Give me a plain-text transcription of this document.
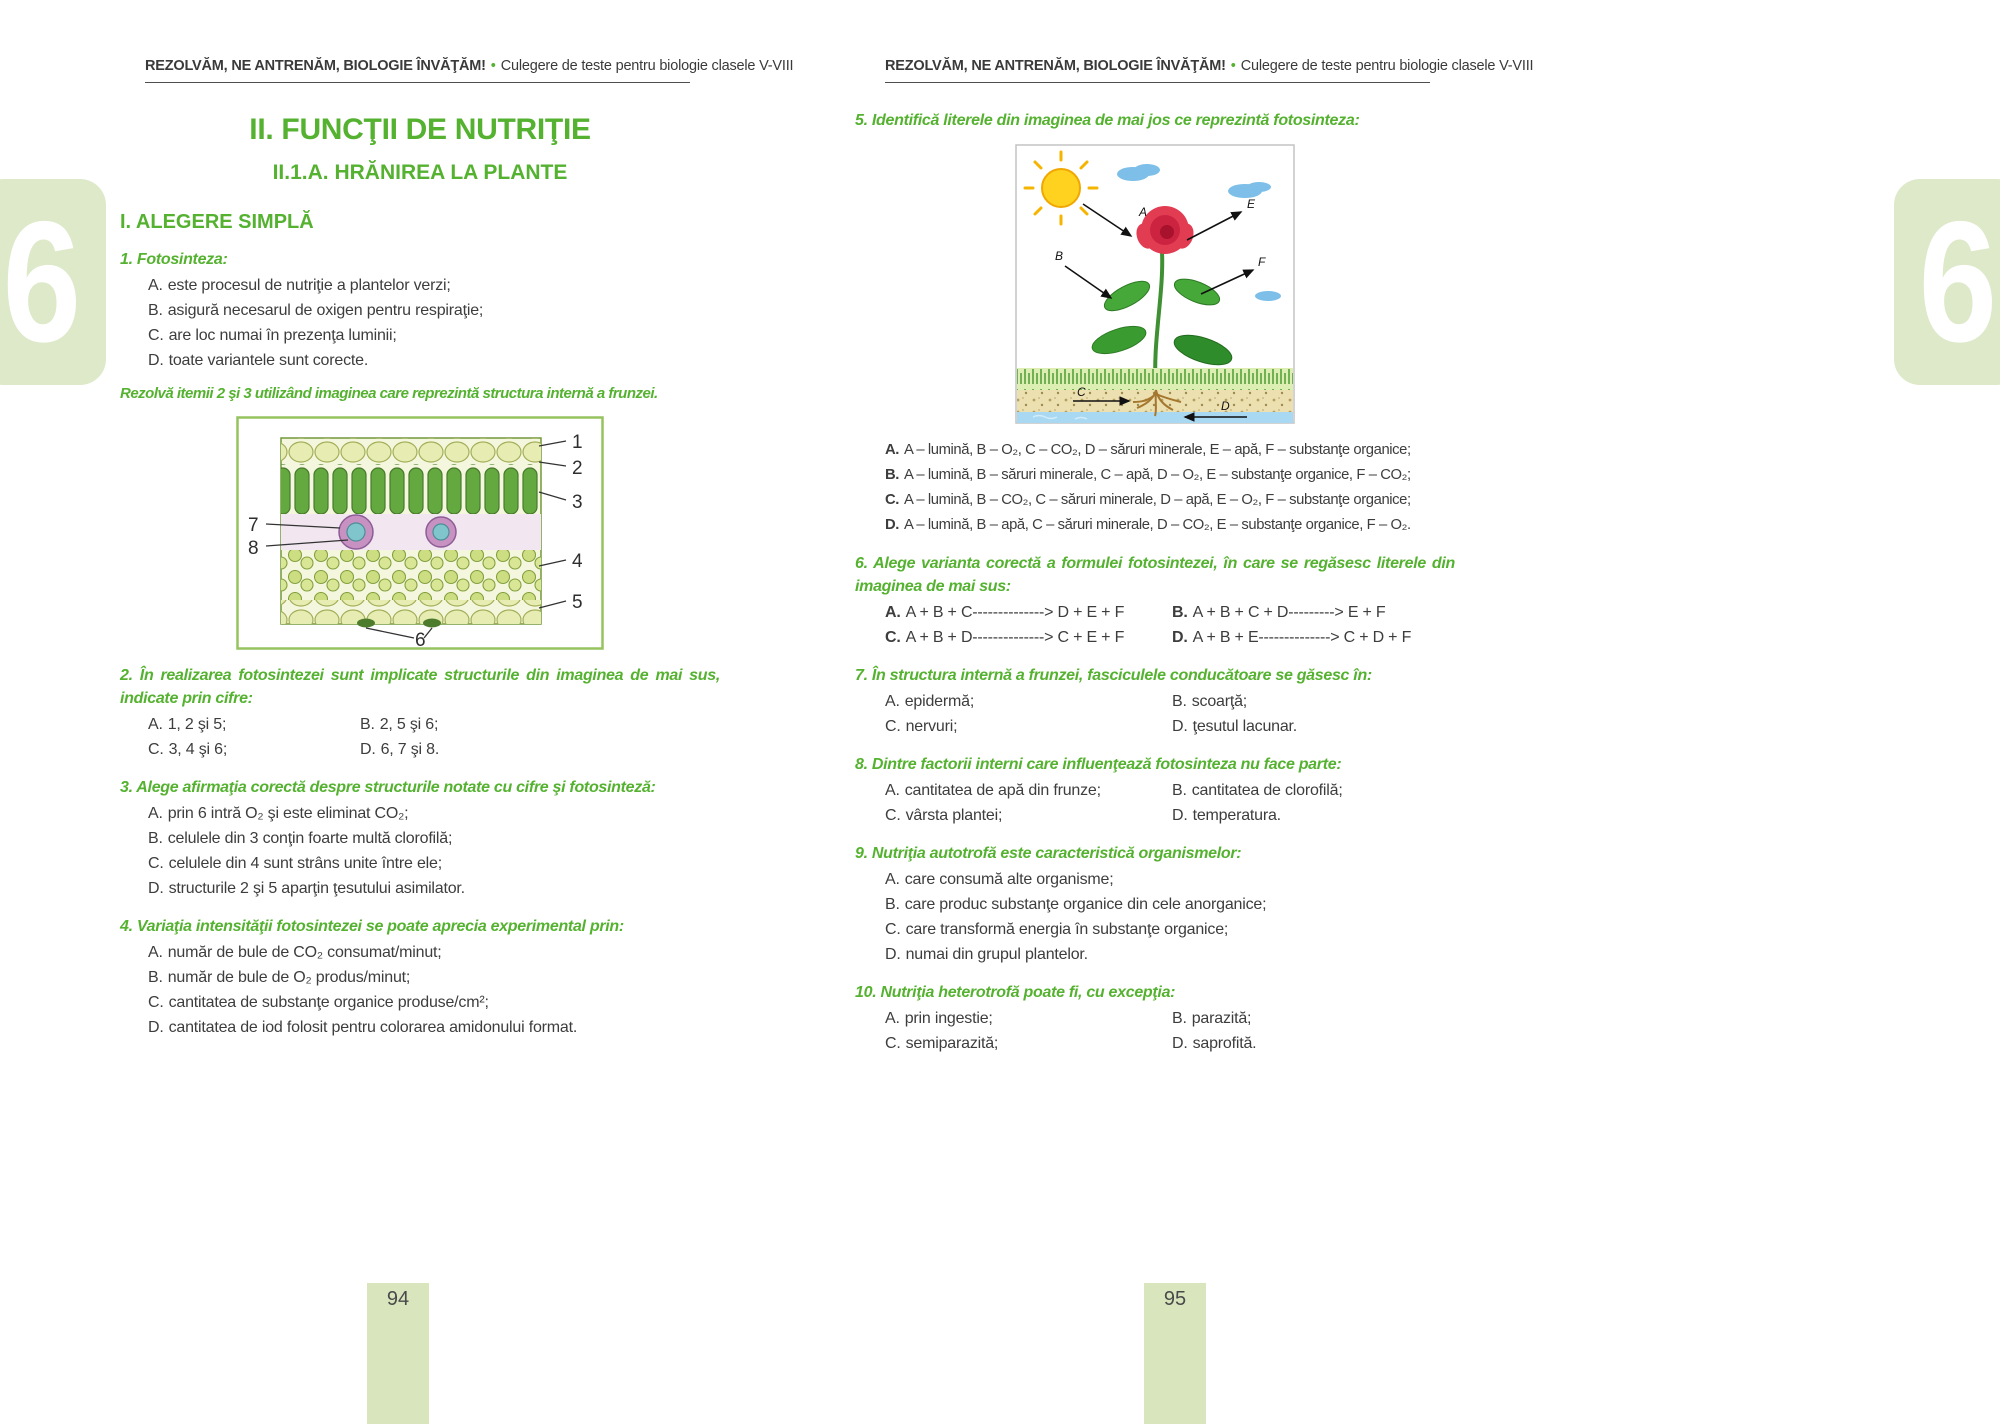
6	6
REZOLVĂM, NE ANTRENĂM, BIOLOGIE ÎNVĂŢĂM! • Culegere de teste pentru biologie clasele V-VIII
II. FUNCŢII DE NUTRIŢIE
II.1.A. HRĂNIREA LA PLANTE
I. ALEGERE SIMPLĂ
1. Fotosinteza:
A. este procesul de nutriţie a plantelor verzi;
B. asigură necesarul de oxigen pentru respiraţie;
C. are loc numai în prezenţa luminii;
D. toate variantele sunt corecte.
Rezolvă itemii 2 şi 3 utilizând imaginea care reprezintă structura internă a frunzei.
1
2
3
4
5
6
7
8
2. În realizarea fotosintezei sunt implicate structurile din imaginea de mai sus, indicate prin cifre:
A. 1, 2 şi 5;	B. 2, 5 şi 6;
C. 3, 4 şi 6;	D. 6, 7 şi 8.
3. Alege afirmaţia corectă despre structurile notate cu cifre şi fotosinteză:
A. prin 6 intră O₂ şi este eliminat CO₂;
B. celulele din 3 conţin foarte multă clorofilă;
C. celulele din 4 sunt strâns unite între ele;
D. structurile 2 şi 5 aparţin ţesutului asimilator.
4. Variaţia intensităţii fotosintezei se poate aprecia experimental prin:
A. număr de bule de CO₂ consumat/minut;
B. număr de bule de O₂ produs/minut;
C. cantitatea de substanţe organice produse/cm²;
D. cantitatea de iod folosit pentru colorarea amidonului format.
REZOLVĂM, NE ANTRENĂM, BIOLOGIE ÎNVĂŢĂM! • Culegere de teste pentru biologie clasele V-VIII
5. Identifică literele din imaginea de mai jos ce reprezintă fotosinteza:
A
B
C
D
E
F
A. A – lumină, B – O₂, C – CO₂, D – săruri minerale, E – apă, F – substanţe organice;
B. A – lumină, B – săruri minerale, C – apă, D – O₂, E – substanţe organice, F – CO₂;
C. A – lumină, B – CO₂, C – săruri minerale, D – apă, E – O₂, F – substanţe organice;
D. A – lumină, B – apă, C – săruri minerale, D – CO₂, E – substanţe organice, F – O₂.
6. Alege varianta corectă a formulei fotosintezei, în care se regăsesc literele din imaginea de mai sus:
A. A + B + C--------------> D + E + F	B. A + B + C + D---------> E + F
C. A + B + D--------------> C + E + F	D. A + B + E--------------> C + D + F
7. În structura internă a frunzei, fasciculele conducătoare se găsesc în:
A. epidermă;	B. scoarţă;
C. nervuri;	D. ţesutul lacunar.
8. Dintre factorii interni care influenţează fotosinteza nu face parte:
A. cantitatea de apă din frunze;	B. cantitatea de clorofilă;
C. vârsta plantei;	D. temperatura.
9. Nutriţia autotrofă este caracteristică organismelor:
A. care consumă alte organisme;
B. care produc substanţe organice din cele anorganice;
C. care transformă energia în substanţe organice;
D. numai din grupul plantelor.
10. Nutriţia heterotrofă poate fi, cu excepţia:
A. prin ingestie;	B. parazită;
C. semiparazită;	D. saprofită.
94	95
